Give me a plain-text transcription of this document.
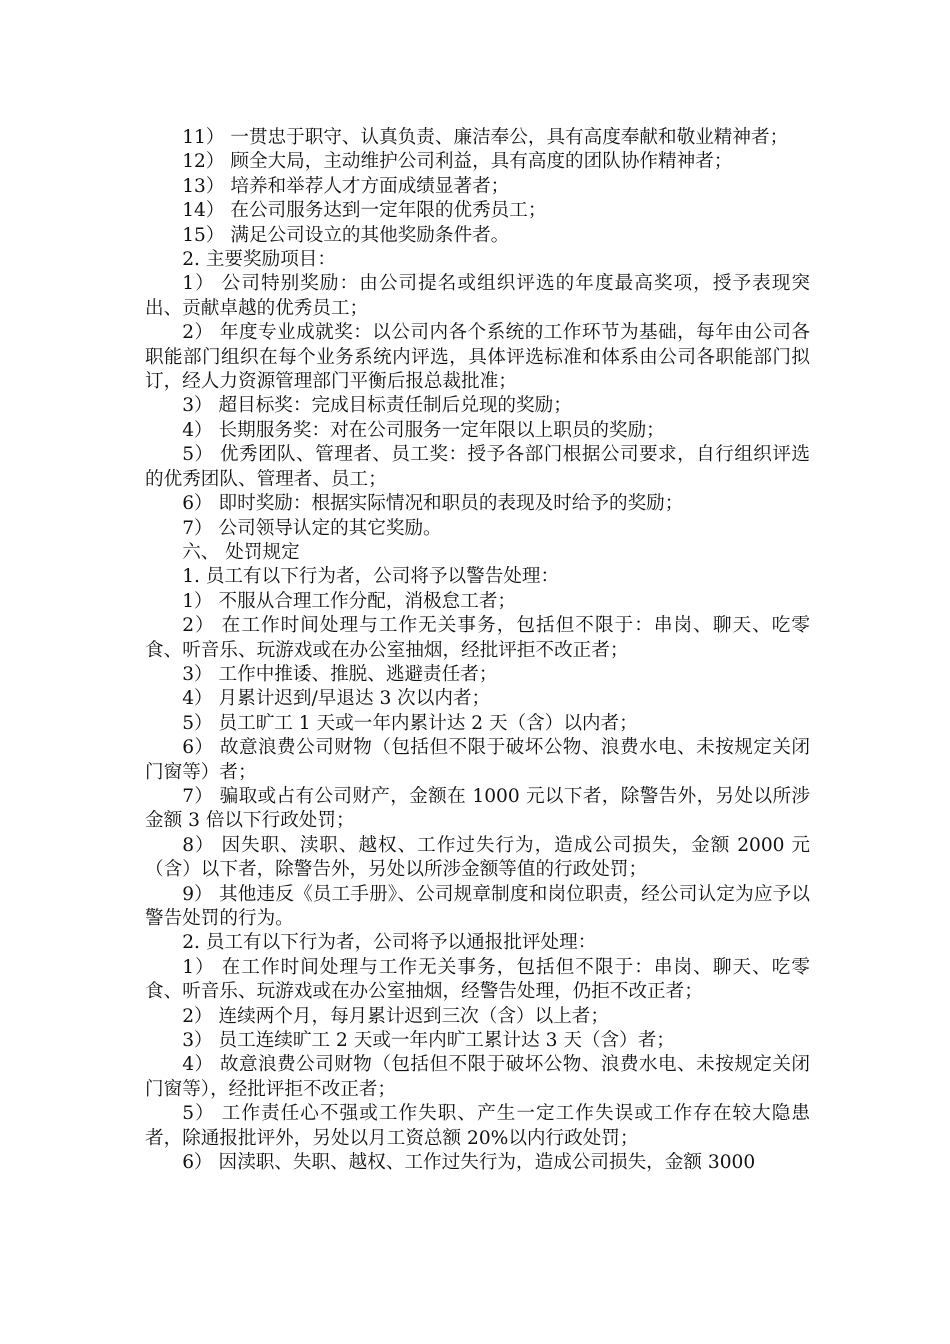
11） 一贯忠于职守、认真负责、廉洁奉公，具有高度奉献和敬业精神者；

12） 顾全大局，主动维护公司利益，具有高度的团队协作精神者；

13） 培养和举荐人才方面成绩显著者；

14） 在公司服务达到一定年限的优秀员工；

15） 满足公司设立的其他奖励条件者。

2. 主要奖励项目：

1） 公司特别奖励：由公司提名或组织评选的年度最高奖项，授予表现突出、贡献卓越的优秀员工；

2） 年度专业成就奖：以公司内各个系统的工作环节为基础，每年由公司各职能部门组织在每个业务系统内评选，具体评选标准和体系由公司各职能部门拟订，经人力资源管理部门平衡后报总裁批准；

3） 超目标奖：完成目标责任制后兑现的奖励；

4） 长期服务奖：对在公司服务一定年限以上职员的奖励；

5） 优秀团队、管理者、员工奖：授予各部门根据公司要求，自行组织评选的优秀团队、管理者、员工；

6） 即时奖励：根据实际情况和职员的表现及时给予的奖励；

7） 公司领导认定的其它奖励。

六、 处罚规定

1. 员工有以下行为者，公司将予以警告处理：

1） 不服从合理工作分配，消极怠工者；

2） 在工作时间处理与工作无关事务，包括但不限于：串岗、聊天、吃零食、听音乐、玩游戏或在办公室抽烟，经批评拒不改正者；

3） 工作中推诿、推脱、逃避责任者；

4） 月累计迟到/早退达 3 次以内者；

5） 员工旷工 1 天或一年内累计达 2 天（含）以内者；

6） 故意浪费公司财物（包括但不限于破坏公物、浪费水电、未按规定关闭门窗等）者；

7） 骗取或占有公司财产，金额在 1000 元以下者，除警告外，另处以所涉金额 3 倍以下行政处罚；

8） 因失职、渎职、越权、工作过失行为，造成公司损失，金额 2000 元（含）以下者，除警告外，另处以所涉金额等值的行政处罚；

9） 其他违反《员工手册》、公司规章制度和岗位职责，经公司认定为应予以警告处罚的行为。

2. 员工有以下行为者，公司将予以通报批评处理：

1） 在工作时间处理与工作无关事务，包括但不限于：串岗、聊天、吃零食、听音乐、玩游戏或在办公室抽烟，经警告处理，仍拒不改正者；

2） 连续两个月，每月累计迟到三次（含）以上者；

3） 员工连续旷工 2 天或一年内旷工累计达 3 天（含）者；

4） 故意浪费公司财物（包括但不限于破坏公物、浪费水电、未按规定关闭门窗等），经批评拒不改正者；

5） 工作责任心不强或工作失职、产生一定工作失误或工作存在较大隐患者，除通报批评外，另处以月工资总额 20%以内行政处罚；

6） 因渎职、失职、越权、工作过失行为，造成公司损失，金额 3000
